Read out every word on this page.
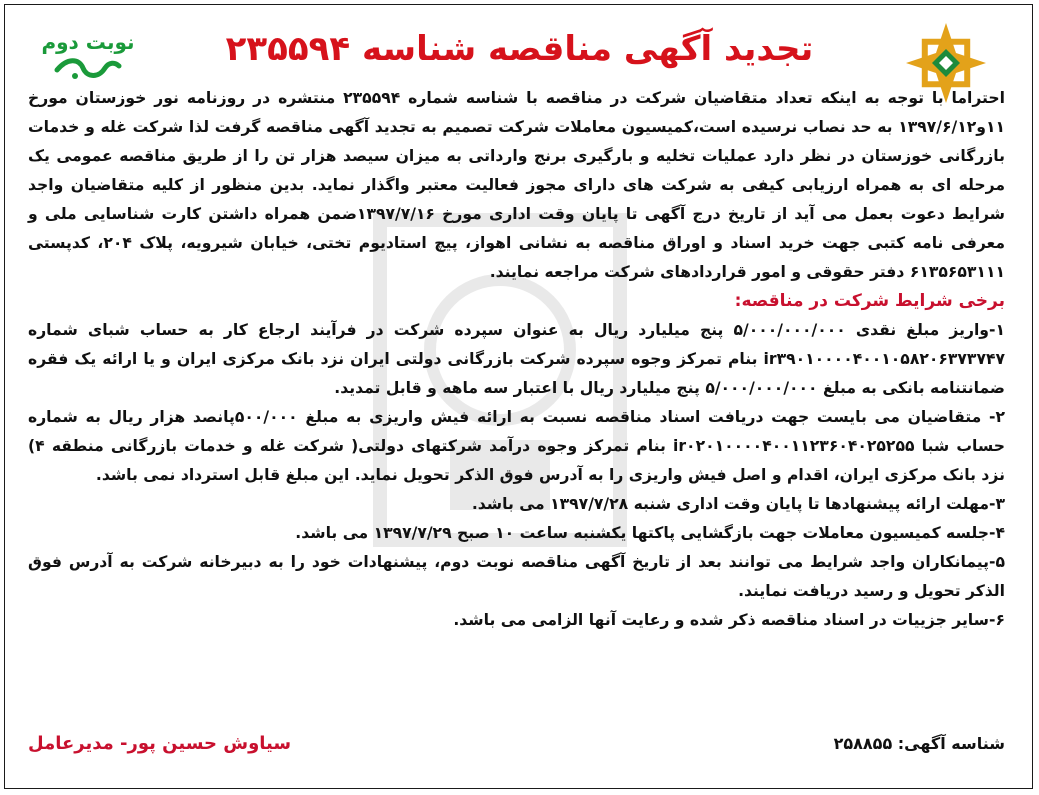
نوبت دوم	تجدید آگهی مناقصه شناسه ۲۳۵۵۹۴

احتراما با توجه به اینکه تعداد متقاضیان شرکت در مناقصه با شناسه شماره ۲۳۵۵۹۴ منتشره در روزنامه نور خوزستان مورخ ۱۱و۱۳۹۷/۶/۱۲ به حد نصاب نرسیده است،کمیسیون معاملات شرکت تصمیم به تجدید آگهی مناقصه گرفت لذا شرکت غله و خدمات بازرگانی خوزستان در نظر دارد عملیات تخلیه و بارگیری برنج وارداتی به میزان سیصد هزار تن را از طریق مناقصه عمومی یک مرحله ای به همراه ارزیابی کیفی به شرکت های دارای مجوز فعالیت معتبر واگذار نماید. بدین منظور از کلیه متقاضیان واجد شرایط دعوت بعمل می آید از تاریخ درج آگهی تا پایان وقت اداری مورخ ۱۳۹۷/۷/۱۶ضمن همراه داشتن کارت شناسایی ملی و معرفی نامه کتبی جهت خرید اسناد و اوراق مناقصه به نشانی اهواز، پیچ استادیوم تختی، خیابان شیرویه، پلاک ۲۰۴، کدپستی ۶۱۳۵۶۵۳۱۱۱ دفتر حقوقی و امور قراردادهای شرکت مراجعه نمایند.

برخی شرایط شرکت در مناقصه:

۱-واریز مبلغ نقدی ۵/۰۰۰/۰۰۰/۰۰۰ پنج میلیارد ریال به عنوان سپرده شرکت در فرآیند ارجاع کار به حساب شبای شماره ir۳۹۰۱۰۰۰۰۴۰۰۱۰۵۸۲۰۶۳۷۳۷۴۷ بنام تمرکز وجوه سپرده شرکت بازرگانی دولتی ایران نزد بانک مرکزی ایران و یا ارائه یک فقره ضمانتنامه بانکی به مبلغ ۵/۰۰۰/۰۰۰/۰۰۰ پنج میلیارد ریال با اعتبار سه ماهه و قابل تمدید.

۲- متقاضیان می بایست جهت دریافت اسناد مناقصه نسبت به ارائه فیش واریزی به مبلغ ۵۰۰/۰۰۰پانصد هزار ریال به شماره حساب شبا ir۰۲۰۱۰۰۰۰۴۰۰۱۱۲۳۶۰۴۰۲۵۲۵۵ بنام تمرکز وجوه درآمد شرکتهای دولتی( شرکت غله و خدمات بازرگانی منطقه ۴) نزد بانک مرکزی ایران، اقدام و اصل فیش واریزی را به آدرس فوق الذکر تحویل نماید. این مبلغ قابل استرداد نمی باشد.

۳-مهلت ارائه پیشنهادها تا پایان وقت اداری شنبه ۱۳۹۷/۷/۲۸ می باشد.

۴-جلسه کمیسیون معاملات جهت بازگشایی پاکتها یکشنبه ساعت ۱۰ صبح ۱۳۹۷/۷/۲۹ می باشد.

۵-پیمانکاران واجد شرایط می توانند بعد از تاریخ آگهی مناقصه نوبت دوم، پیشنهادات خود را به دبیرخانه شرکت به آدرس فوق الذکر تحویل و رسید دریافت نمایند.

۶-سایر جزییات در اسناد مناقصه ذکر شده و رعایت آنها الزامی می باشد.

شناسه آگهی: ۲۵۸۸۵۵
سیاوش حسین پور- مدیرعامل
